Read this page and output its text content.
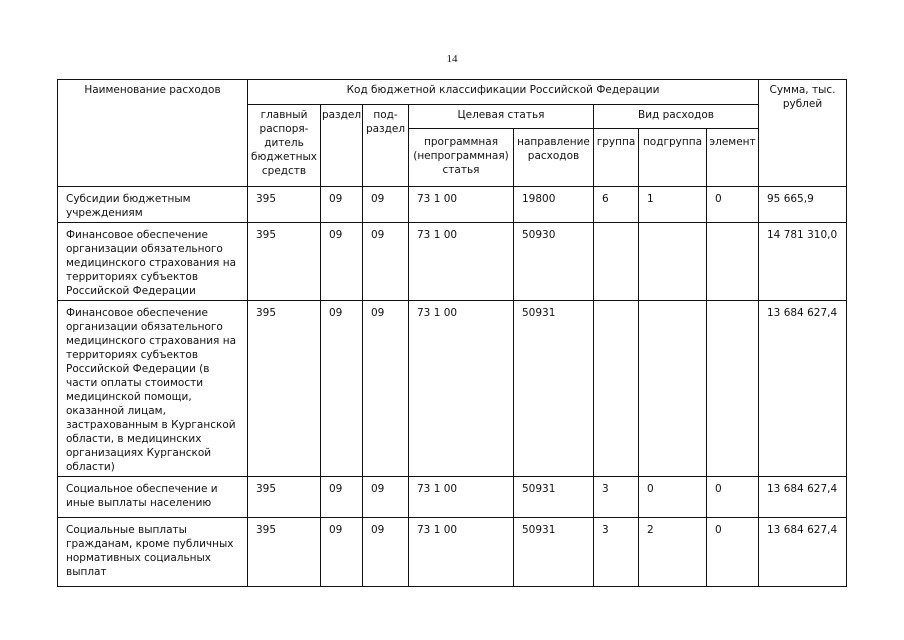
14
Наименование расходов	Код бюджетной классификации Российской Федерации								Сумма, тыс. рублей
	главный распоря-дитель бюджетных средств	раздел	под-раздел	Целевая статья		Вид расходов			
				программная (непрограммная) статья	направление расходов	группа	подгруппа	элемент	
Субсидии бюджетным учреждениям	395	09	09	73 1 00	19800	6	1	0	95 665,9
Финансовое обеспечение организации обязательного медицинского страхования на территориях субъектов Российской Федерации	395	09	09	73 1 00	50930				14 781 310,0
Финансовое обеспечение организации обязательного медицинского страхования на территориях субъектов Российской Федерации (в части оплаты стоимости медицинской помощи, оказанной лицам, застрахованным в Курганской области, в медицинских организациях Курганской области)	395	09	09	73 1 00	50931				13 684 627,4
Социальное обеспечение и иные выплаты населению	395	09	09	73 1 00	50931	3	0	0	13 684 627,4
Социальные выплаты гражданам, кроме публичных нормативных социальных выплат	395	09	09	73 1 00	50931	3	2	0	13 684 627,4
